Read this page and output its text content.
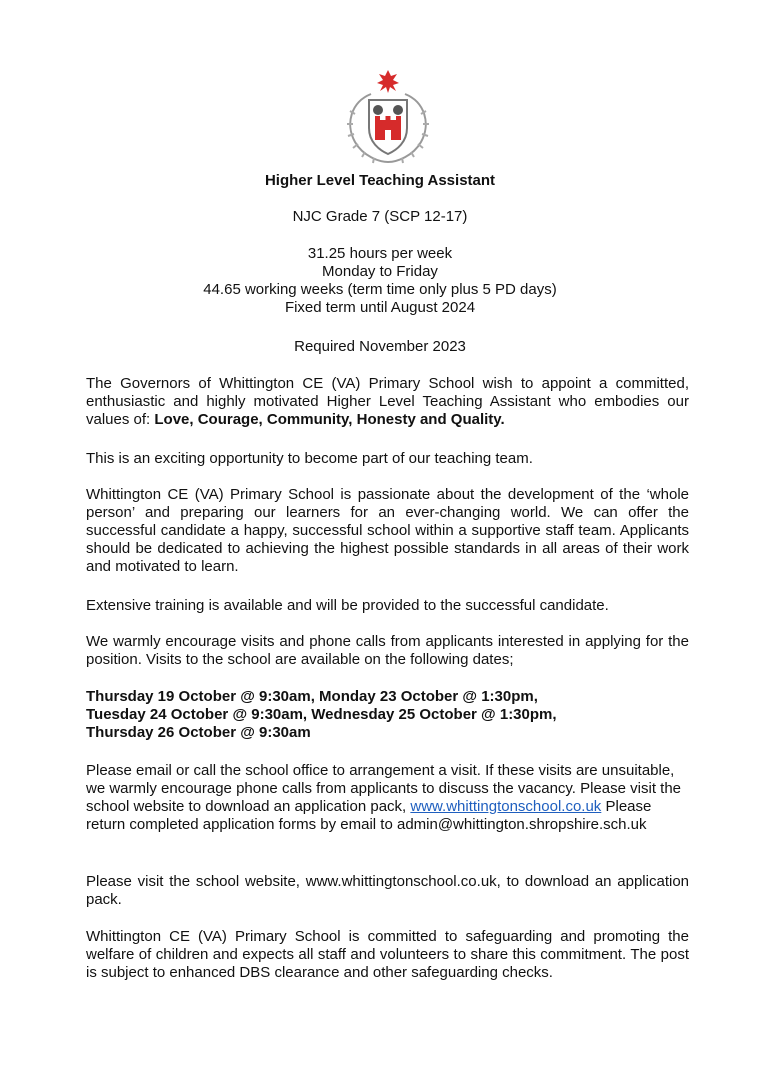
Higher Level Teaching Assistant
NJC Grade 7 (SCP 12-17)
31.25 hours per week
Monday to Friday
44.65 working weeks (term time only plus 5 PD days)
Fixed term until August 2024
Required November 2023
The Governors of Whittington CE (VA) Primary School wish to appoint a committed, enthusiastic and highly motivated Higher Level Teaching Assistant who embodies our values of: Love, Courage, Community, Honesty and Quality.
This is an exciting opportunity to become part of our teaching team.
Whittington CE (VA) Primary School is passionate about the development of the ‘whole person’ and preparing our learners for an ever-changing world. We can offer the successful candidate a happy, successful school within a supportive staff team. Applicants should be dedicated to achieving the highest possible standards in all areas of their work and motivated to learn.
Extensive training is available and will be provided to the successful candidate.
We warmly encourage visits and phone calls from applicants interested in applying for the position. Visits to the school are available on the following dates;
Thursday 19 October @ 9:30am, Monday 23 October @ 1:30pm,
Tuesday 24 October @ 9:30am, Wednesday 25 October @ 1:30pm,
Thursday 26 October @ 9:30am
Please email or call the school office to arrangement a visit. If these visits are unsuitable, we warmly encourage phone calls from applicants to discuss the vacancy. Please visit the school website to download an application pack, www.whittingtonschool.co.uk Please return completed application forms by email to admin@whittington.shropshire.sch.uk
Please visit the school website, www.whittingtonschool.co.uk, to download an application pack.
Whittington CE (VA) Primary School is committed to safeguarding and promoting the welfare of children and expects all staff and volunteers to share this commitment. The post is subject to enhanced DBS clearance and other safeguarding checks.
